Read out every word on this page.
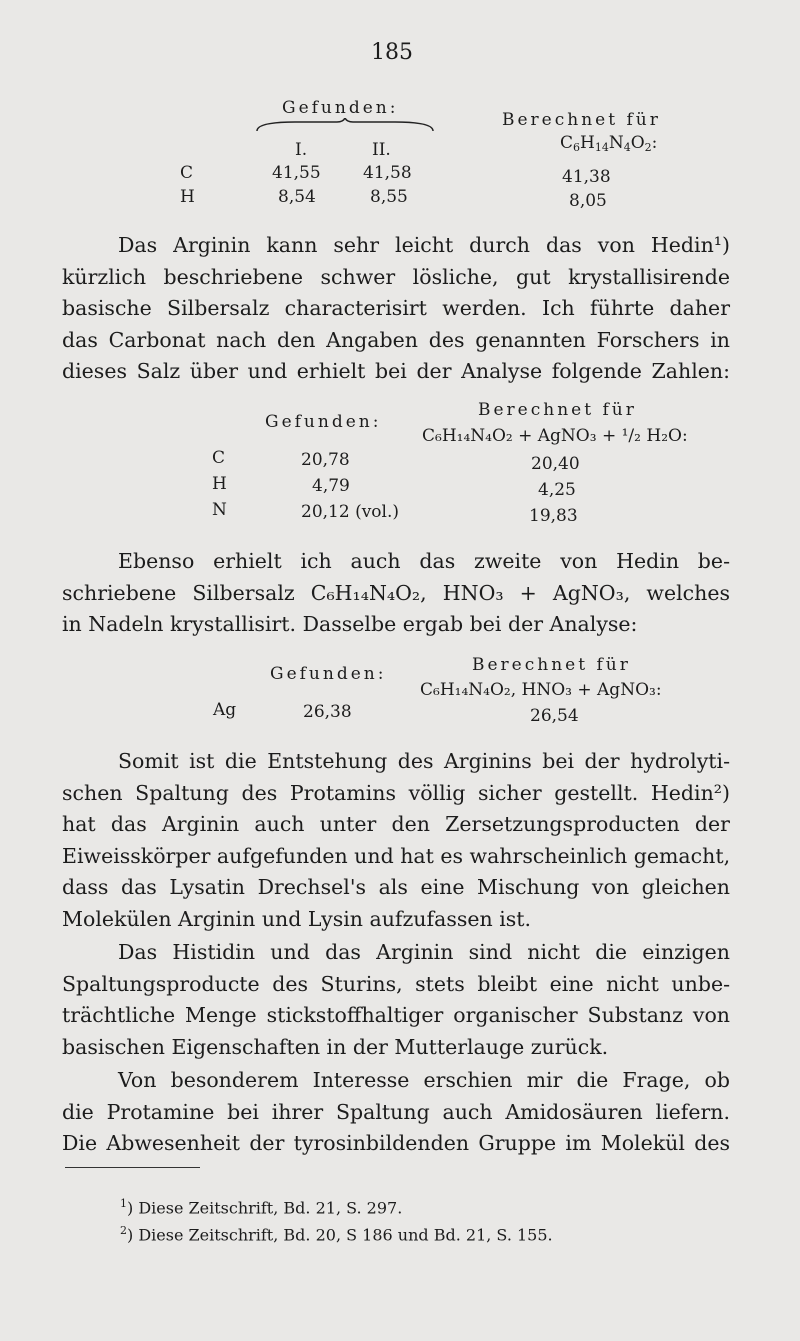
185
Gefunden:
Berechnet für
$C_6H_{14}N_4O_2$:
I.	II.
C	41,55 41,58	41,38
H	8,54	8,55	8,05
Das Arginin kann sehr leicht durch das von Hedin¹)
kürzlich beschriebene schwer lösliche, gut krystallisirende
basische Silbersalz characterisirt werden. Ich führte daher
das Carbonat nach den Angaben des genannten Forschers in
dieses Salz über und erhielt bei der Analyse folgende Zahlen:
Gefunden:
Berechnet für
C₆H₁₄N₄O₂ + AgNO₃ + ¹/₂ H₂O:
C	20,78	20,40
H	4,79	4,25
N	20,12 (vol.)	19,83
Ebenso erhielt ich auch das zweite von Hedin be-
schriebene Silbersalz C₆H₁₄N₄O₂, HNO₃ + AgNO₃, welches
in Nadeln krystallisirt. Dasselbe ergab bei der Analyse:
Gefunden:	Berechnet für
C₆H₁₄N₄O₂, HNO₃ + AgNO₃:
Ag	26,38	26,54
Somit ist die Entstehung des Arginins bei der hydrolyti-
schen Spaltung des Protamins völlig sicher gestellt. Hedin²)
hat das Arginin auch unter den Zersetzungsproducten der
Eiweisskörper aufgefunden und hat es wahrscheinlich gemacht,
dass das Lysatin Drechsel's als eine Mischung von gleichen
Molekülen Arginin und Lysin aufzufassen ist.
Das Histidin und das Arginin sind nicht die einzigen
Spaltungsproducte des Sturins, stets bleibt eine nicht unbe-
trächtliche Menge stickstoffhaltiger organischer Substanz von
basischen Eigenschaften in der Mutterlauge zurück.
Von besonderem Interesse erschien mir die Frage, ob
die Protamine bei ihrer Spaltung auch Amidosäuren liefern.
Die Abwesenheit der tyrosinbildenden Gruppe im Molekül des
$^1$) Diese Zeitschrift, Bd. 21, S. 297.
$^2$) Diese Zeitschrift, Bd. 20, S 186 und Bd. 21, S. 155.
